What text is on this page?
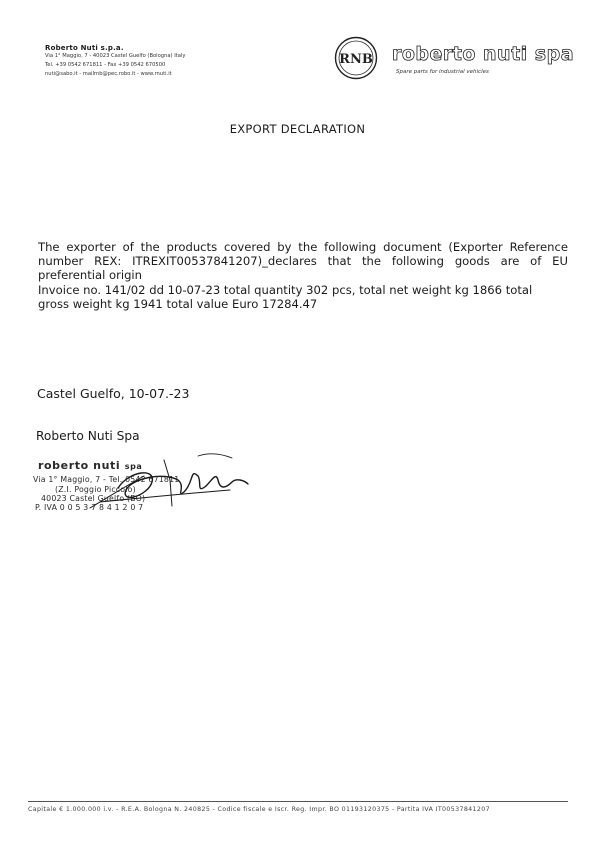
Roberto Nuti s.p.a.
Via 1° Maggio, 7 - 40023 Castel Guelfo (Bologna) Italy
Tel. +39 0542 671811 - Fax +39 0542 670500
nuti@sabo.it - mailrnb@pec.robo.it - www.rnuti.it
RNB roberto nuti spa
Spare parts for industrial vehicles
EXPORT DECLARATION
The exporter of the products covered by the following document (Exporter Reference
number REX: ITREXIT00537841207)_declares that the following goods are of EU
preferential origin
Invoice no. 141/02 dd 10-07-23 total quantity 302 pcs, total net weight kg 1866 total
gross weight kg 1941 total value Euro 17284.47
Castel Guelfo, 10-07.-23
Roberto Nuti Spa
roberto nuti spa
Via 1° Maggio, 7 - Tel. 0542 671811
(Z.I. Poggio Piccolo)
40023 Castel Guelfo (BO)
P. IVA 0 0 5 3 7 8 4 1 2 0 7
Capitale € 1.000.000 i.v. - R.E.A. Bologna N. 240825 - Codice fiscale e Iscr. Reg. Impr. BO 01193120375 - Partita IVA IT00537841207
